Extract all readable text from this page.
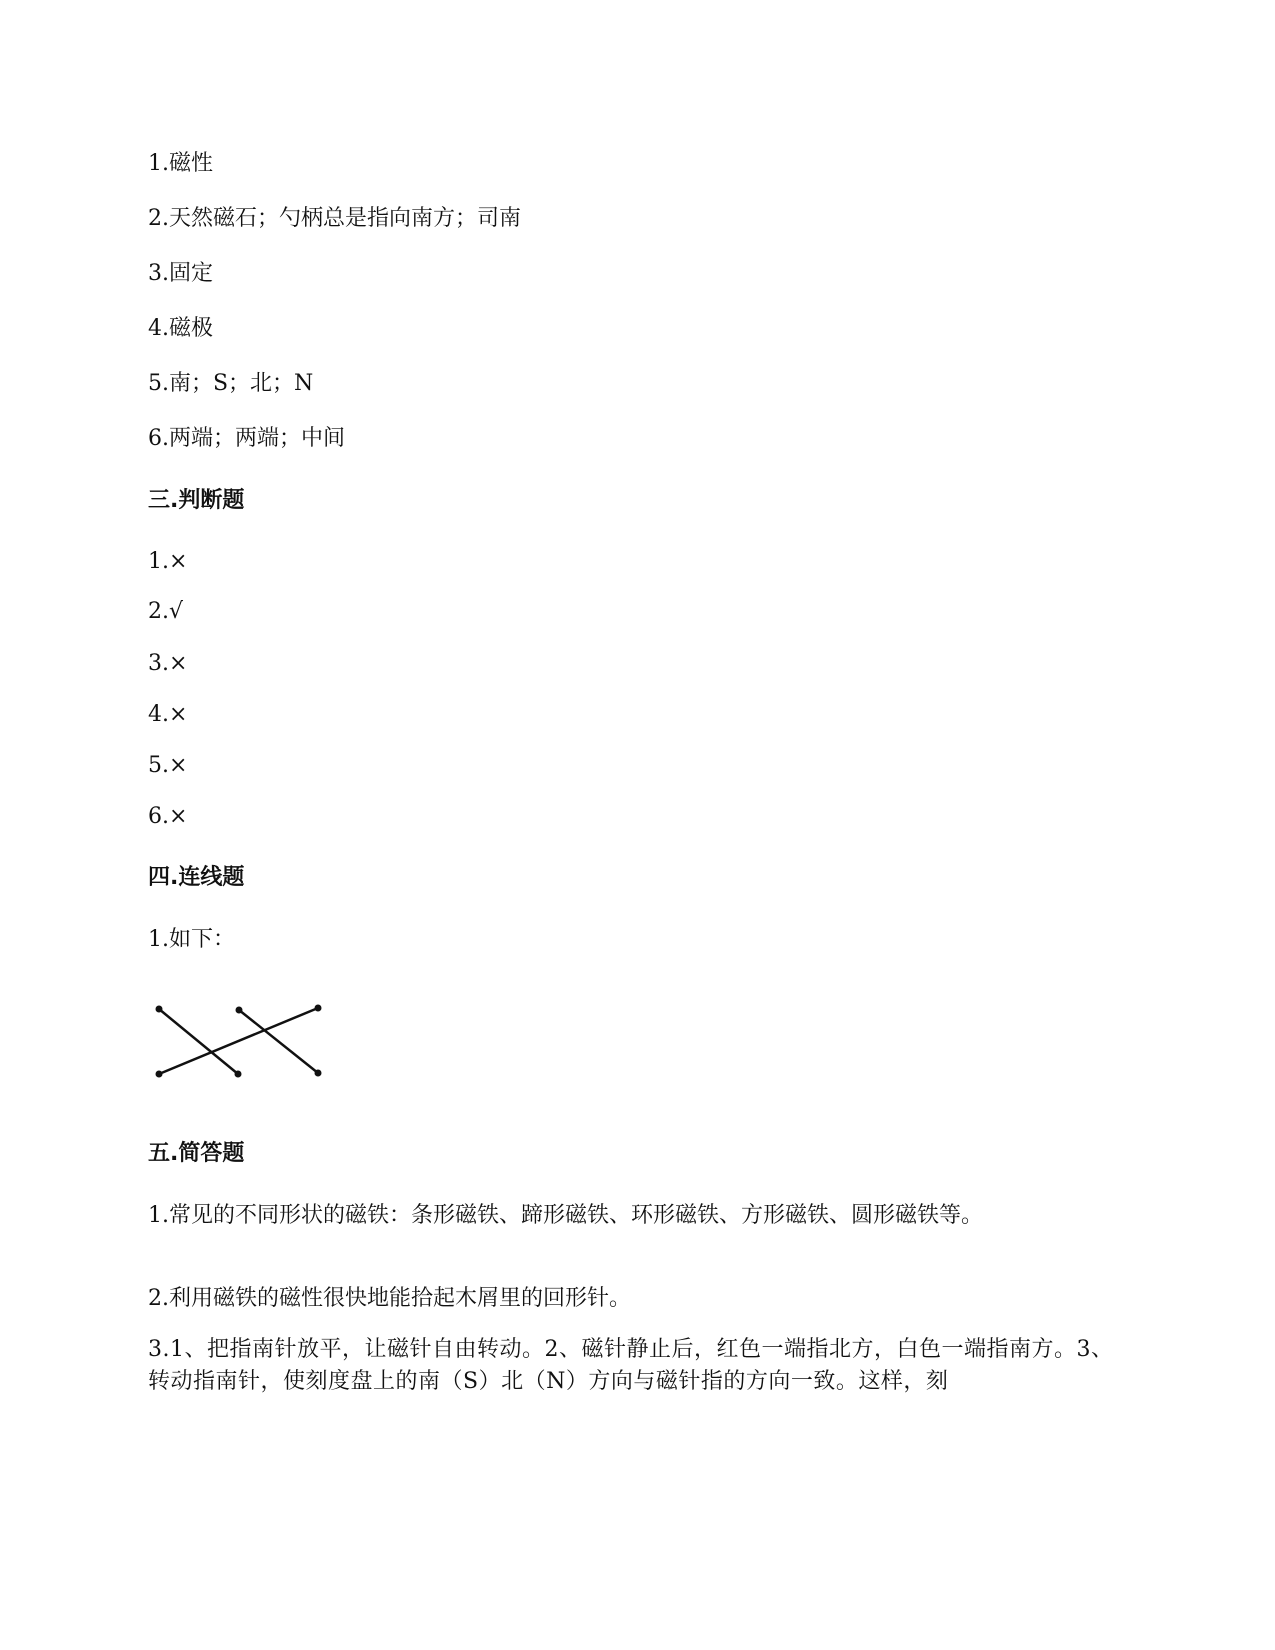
1.磁性
2.天然磁石；勺柄总是指向南方；司南
3.固定
4.磁极
5.南；S；北；N
6.两端；两端；中间
三.判断题
1.×
2.√
3.×
4.×
5.×
6.×
四.连线题
1.如下：
五.简答题
1.常见的不同形状的磁铁：条形磁铁、蹄形磁铁、环形磁铁、方形磁铁、圆形磁铁等。
2.利用磁铁的磁性很快地能拾起木屑里的回形针。
3.1、把指南针放平，让磁针自由转动。2、磁针静止后，红色一端指北方，白色一端指南方。3、转动指南针，使刻度盘上的南（S）北（N）方向与磁针指的方向一致。这样，刻
